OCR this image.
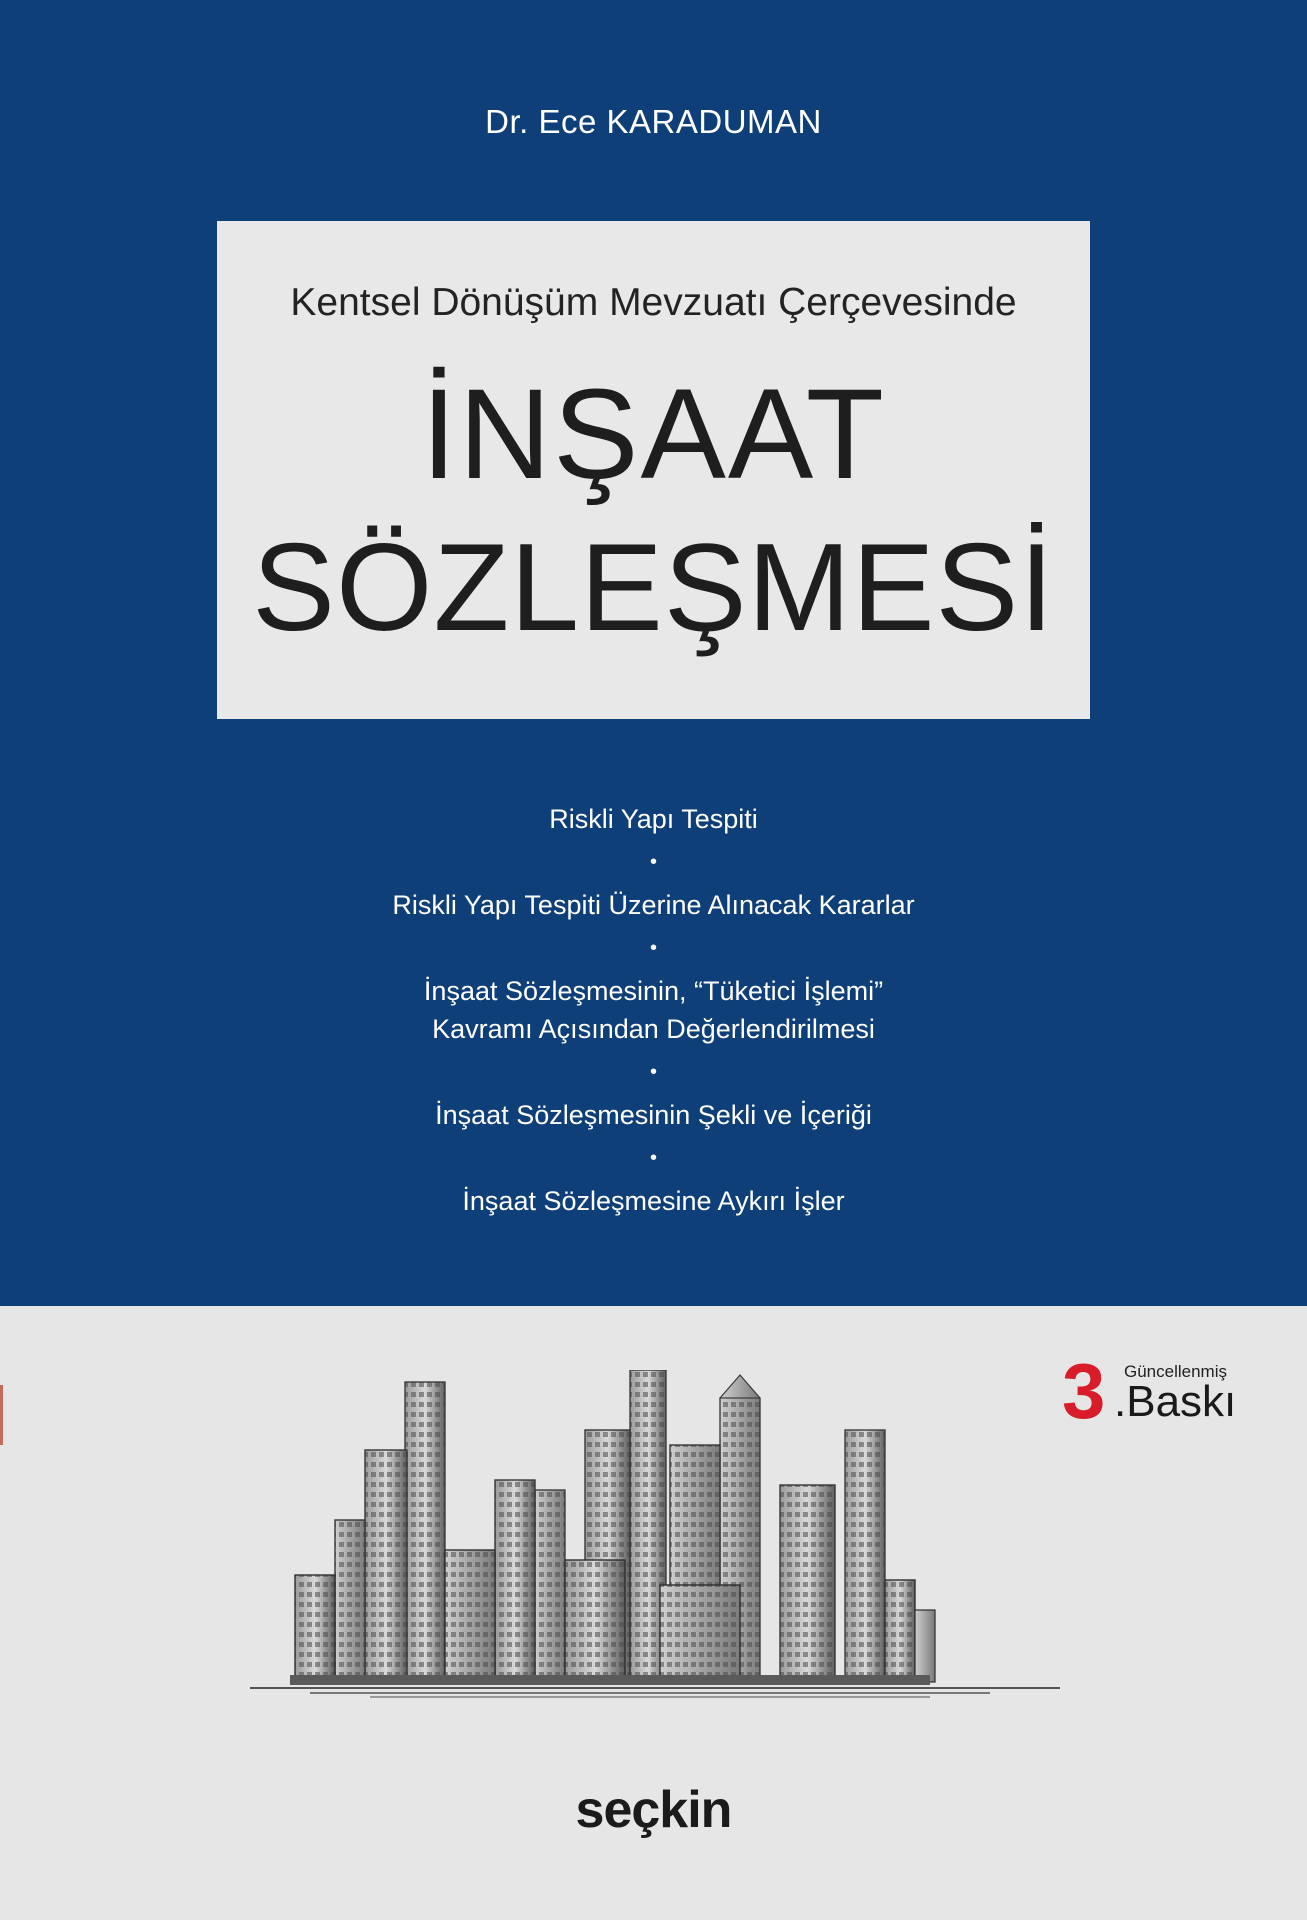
Dr. Ece KARADUMAN
Kentsel Dönüşüm Mevzuatı Çerçevesinde
İNŞAAT
SÖZLEŞMESİ

Riskli Yapı Tespiti

•

Riskli Yapı Tespiti Üzerine Alınacak Kararlar

•

İnşaat Sözleşmesinin, “Tüketici İşlemi”

Kavramı Açısından Değerlendirilmesi

•

İnşaat Sözleşmesinin Şekli ve İçeriği

•

İnşaat Sözleşmesine Aykırı İşler

3 Güncellenmiş
.Baskı
seçkin
